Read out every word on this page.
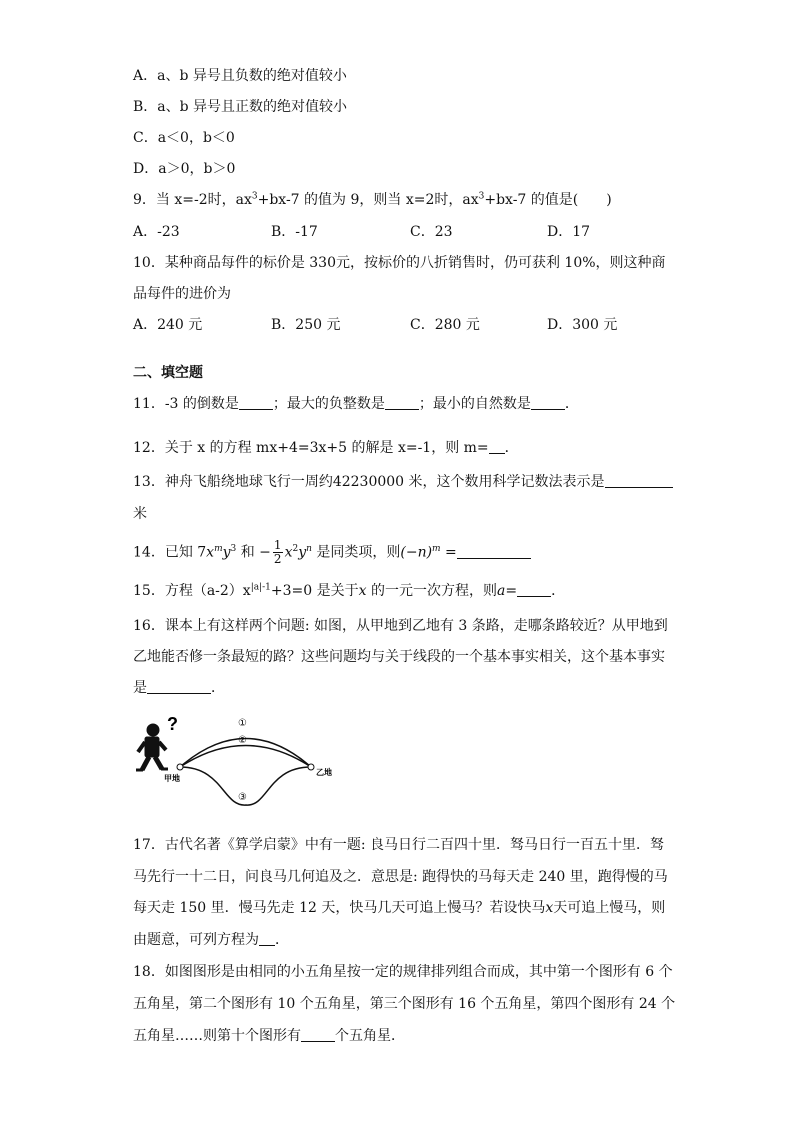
A．a、b 异号且负数的绝对值较小
B．a、b 异号且正数的绝对值较小
C．a＜0，b＜0
D．a＞0，b＞0
9．当 x=-2时，$ax^3+bx-7$ 的值为 9，则当 x=2时，$ax^3+bx-7$ 的值是(　　)
A．-23	B．-17	C．23	D．17
10．某种商品每件的标价是 330元，按标价的八折销售时，仍可获利 10%，则这种商
品每件的进价为
A．240 元	B．250 元	C．280 元	D．300 元
二、填空题
11．-3 的倒数是 ；最大的负整数是 ；最小的自然数是 ．
12．关于 x 的方程 mx+4=3x+5 的解是 x=-1，则 m= ．
13．神舟飞船绕地球飞行一周约42230000 米，这个数用科学记数法表示是
米
14．已知 $7x^my^3$ 和 − $\frac{1}{2} x^2y^n$ 是同类项，则$(-n)^m$ =
15．方程$(a-2)x^{|a|-1}+3=0$ 是关于x 的一元一次方程，则a= ．
16．课本上有这样两个问题: 如图，从甲地到乙地有 3 条路，走哪条路较近？从甲地到
乙地能否修一条最短的路？这些问题均与关于线段的一个基本事实相关，这个基本事实
是	．
?	①
②
③
甲地
乙地
17．古代名著《算学启蒙》中有一题: 良马日行二百四十里．驽马日行一百五十里．驽
马先行一十二日，问良马几何追及之．意思是: 跑得快的马每天走 240 里，跑得慢的马
每天走 150 里．慢马先走 12 天，快马几天可追上慢马？若设快马x天可追上慢马，则
由题意，可列方程为 ．
18．如图图形是由相同的小五角星按一定的规律排列组合而成，其中第一个图形有 6 个
五角星，第二个图形有 10 个五角星，第三个图形有 16 个五角星，第四个图形有 24 个
五角星……则第十个图形有 个五角星．
